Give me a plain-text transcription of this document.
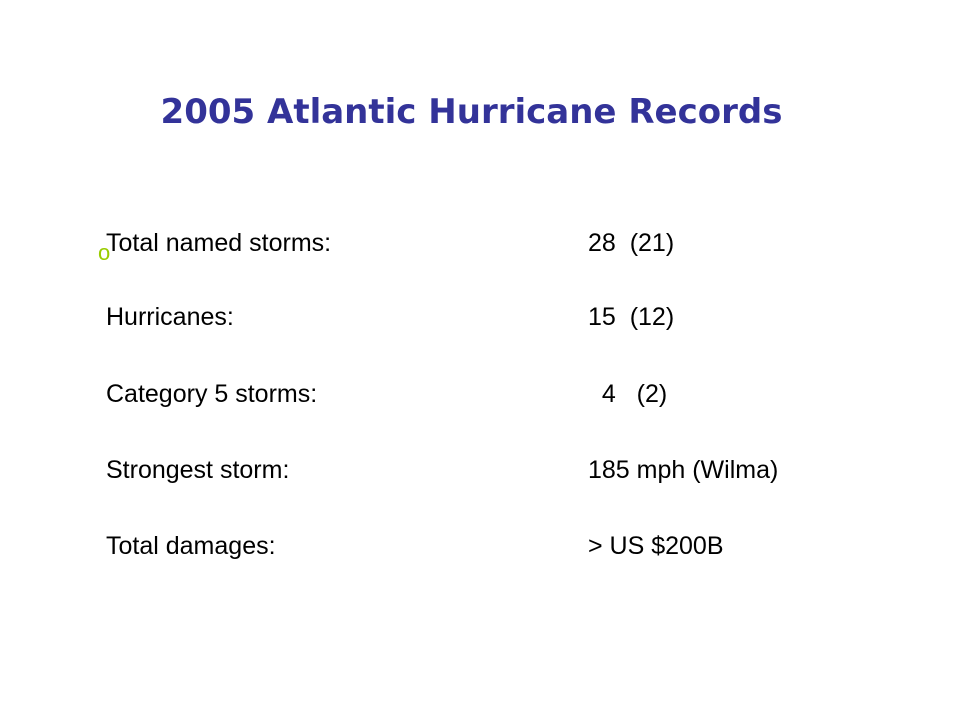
2005 Atlantic Hurricane Records
o
Total named storms:	28  (21)
Hurricanes:	15  (12)
Category 5 storms:	4   (2)
Strongest storm:	185 mph (Wilma)
Total damages:	> US $200B
